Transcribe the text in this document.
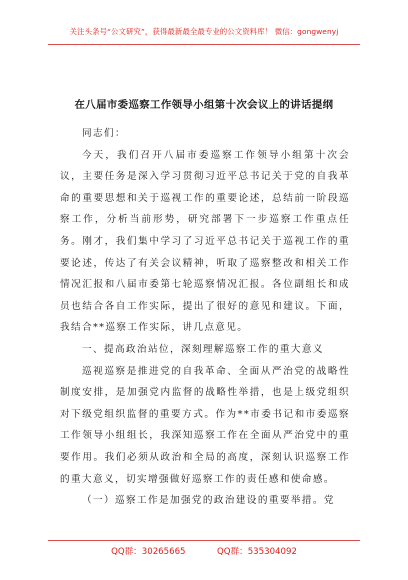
关注头条号“公文研究”，获得最新最全最专业的公文资料库！ 微信：gongwenyj
在八届市委巡察工作领导小组第十次会议上的讲话提纲

同志们：

今天，我们召开八届市委巡察工作领导小组第十次会议，主要任务是深入学习贯彻习近平总书记关于党的自我革命的重要思想和关于巡视工作的重要论述，总结前一阶段巡察工作，分析当前形势，研究部署下一步巡察工作重点任务。刚才，我们集中学习了习近平总书记关于巡视工作的重要论述，传达了有关会议精神，听取了巡察整改和相关工作情况汇报和八届市委第七轮巡察情况汇报。各位副组长和成员也结合各自工作实际，提出了很好的意见和建议。下面，我结合**巡察工作实际，讲几点意见。

一、提高政治站位，深刻理解巡察工作的重大意义

巡视巡察是推进党的自我革命、全面从严治党的战略性制度安排，是加强党内监督的战略性举措，也是上级党组织对下级党组织监督的重要方式。作为**市委书记和市委巡察工作领导小组组长，我深知巡察工作在全面从严治党中的重要作用。我们必须从政治和全局的高度，深刻认识巡察工作的重大意义，切实增强做好巡察工作的责任感和使命感。

（一）巡察工作是加强党的政治建设的重要举措。党

QQ群：30265665	QQ群：535304092
